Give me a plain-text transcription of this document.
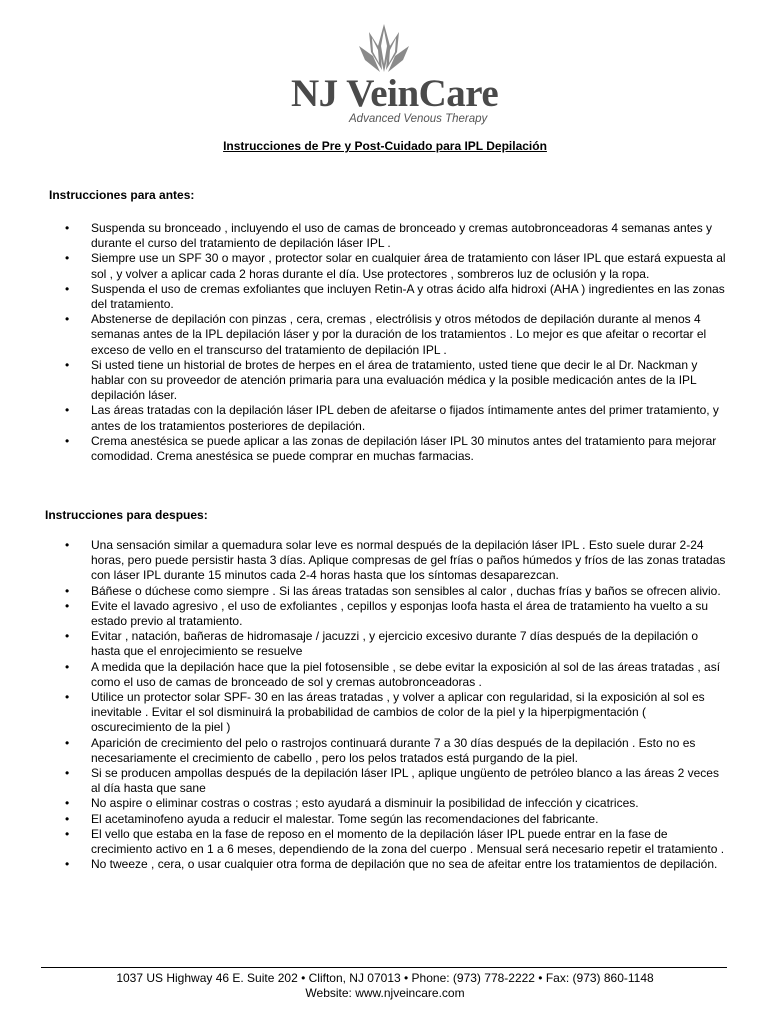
NJ VeinCare
Advanced Venous Therapy
Instrucciones de Pre y Post-Cuidado para IPL Depilación
Instrucciones para antes:
• Suspenda su bronceado , incluyendo el uso de camas de bronceado y cremas autobronceadoras 4 semanas antes y durante el curso del tratamiento de depilación láser IPL .
• Siempre use un SPF 30 o mayor , protector solar en cualquier área de tratamiento con láser IPL que estará expuesta al sol , y volver a aplicar cada 2 horas durante el día. Use protectores , sombreros luz de oclusión y la ropa.
• Suspenda el uso de cremas exfoliantes que incluyen Retin-A y otras ácido alfa hidroxi (AHA ) ingredientes en las zonas del tratamiento.
• Abstenerse de depilación con pinzas , cera, cremas , electrólisis y otros métodos de depilación durante al menos 4 semanas antes de la IPL depilación láser y por la duración de los tratamientos . Lo mejor es que afeitar o recortar el exceso de vello en el transcurso del tratamiento de depilación IPL .
• Si usted tiene un historial de brotes de herpes en el área de tratamiento, usted tiene que decir le al Dr. Nackman y hablar con su proveedor de atención primaria para una evaluación médica y la posible medicación antes de la IPL depilación láser.
• Las áreas tratadas con la depilación láser IPL deben de afeitarse o fijados íntimamente antes del primer tratamiento, y antes de los tratamientos posteriores de depilación.
• Crema anestésica se puede aplicar a las zonas de depilación láser IPL 30 minutos antes del tratamiento para mejorar comodidad. Crema anestésica se puede comprar en muchas farmacias.
Instrucciones para despues:
• Una sensación similar a quemadura solar leve es normal después de la depilación láser IPL . Esto suele durar 2-24 horas, pero puede persistir hasta 3 días. Aplique compresas de gel frías o paños húmedos y fríos de las zonas tratadas con láser IPL durante 15 minutos cada 2-4 horas hasta que los síntomas desaparezcan.
• Báñese o dúchese como siempre . Si las áreas tratadas son sensibles al calor , duchas frías y baños se ofrecen alivio.
• Evite el lavado agresivo , el uso de exfoliantes , cepillos y esponjas loofa hasta el área de tratamiento ha vuelto a su estado previo al tratamiento.
• Evitar , natación, bañeras de hidromasaje / jacuzzi , y ejercicio excesivo durante 7 días después de la depilación o hasta que el enrojecimiento se resuelve
• A medida que la depilación hace que la piel fotosensible , se debe evitar la exposición al sol de las áreas tratadas , así como el uso de camas de bronceado de sol y cremas autobronceadoras .
• Utilice un protector solar SPF- 30 en las áreas tratadas , y volver a aplicar con regularidad, si la exposición al sol es inevitable . Evitar el sol disminuirá la probabilidad de cambios de color de la piel y la hiperpigmentación ( oscurecimiento de la piel )
• Aparición de crecimiento del pelo o rastrojos continuará durante 7 a 30 días después de la depilación . Esto no es necesariamente el crecimiento de cabello , pero los pelos tratados está purgando de la piel.
• Si se producen ampollas después de la depilación láser IPL , aplique ungüento de petróleo blanco a las áreas 2 veces al día hasta que sane
• No aspire o eliminar costras o costras ; esto ayudará a disminuir la posibilidad de infección y cicatrices.
• El acetaminofeno ayuda a reducir el malestar. Tome según las recomendaciones del fabricante.
• El vello que estaba en la fase de reposo en el momento de la depilación láser IPL puede entrar en la fase de crecimiento activo en 1 a 6 meses, dependiendo de la zona del cuerpo . Mensual será necesario repetir el tratamiento .
• No tweeze , cera, o usar cualquier otra forma de depilación que no sea de afeitar entre los tratamientos de depilación.
1037 US Highway 46 E. Suite 202 • Clifton, NJ 07013 • Phone: (973) 778-2222 • Fax: (973) 860-1148
Website: www.njveincare.com
